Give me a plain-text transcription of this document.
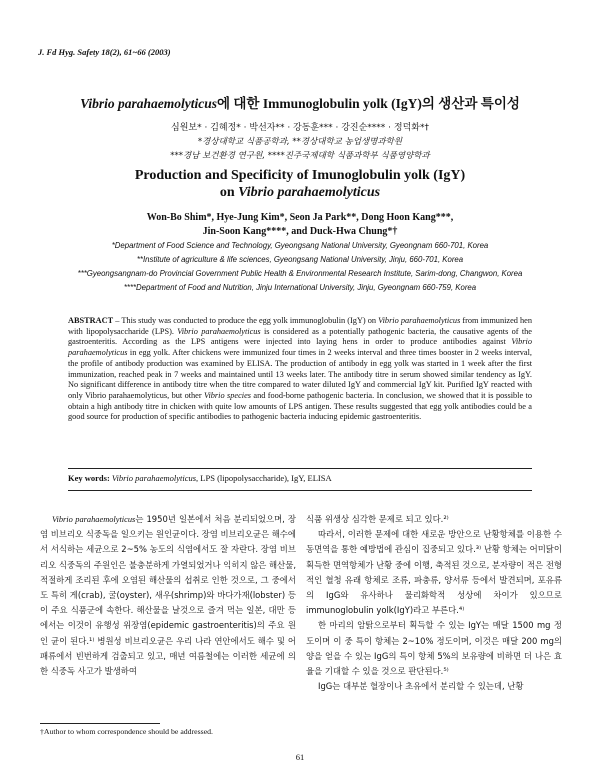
J. Fd Hyg. Safety 18(2), 61~66 (2003)
Vibrio parahaemolyticus에 대한 Immunoglobulin yolk (IgY)의 생산과 특이성
심원보* · 김혜정* · 박선자** · 강동훈*** · 강진순**** · 정덕화*†
*경상대학교 식품공학과, **경상대학교 농업생명과학원
***경남 보건환경 연구원, ****진주국제대학 식품과학부 식품영양학과
Production and Specificity of Imunoglobulin yolk (IgY)
on Vibrio parahaemolyticus
Won-Bo Shim*, Hye-Jung Kim*, Seon Ja Park**, Dong Hoon Kang***,
Jin-Soon Kang****, and Duck-Hwa Chung*†
*Department of Food Science and Technology, Gyeongsang National University, Gyeongnam 660-701, Korea
**Institute of agriculture & life sciences, Gyeongsang National University, Jinju, 660-701, Korea
***Gyeongsangnam-do Provincial Government Public Health & Environmental Research Institute, Sarim-dong, Changwon, Korea
****Department of Food and Nutrition, Jinju International University, Jinju, Gyeongnam 660-759, Korea
ABSTRACT – This study was conducted to produce the egg yolk immunoglobulin (IgY) on Vibrio parahaemolyticus from immunized hen with lipopolysaccharide (LPS). Vibrio parahaemolyticus is considered as a potentially pathogenic bacteria, the causative agents of the gastroenteritis. According as the LPS antigens were injected into laying hens in order to produce antibodies against Vibrio parahaemolyticus in egg yolk. After chickens were immunized four times in 2 weeks interval and three times booster in 2 weeks interval, the profile of antibody production was examined by ELISA. The production of antibody in egg yolk was started in 1 week after the first immunization, reached peak in 7 weeks and maintained until 13 weeks later. The antibody titre in serum showed similar tendency as IgY. No significant difference in antibody titre when the titre compared to water diluted IgY and commercial IgY kit. Purified IgY reacted with only Vibrio parahaemolyticus, but other Vibrio species and food-borne pathogenic bacteria. In conclusion, we showed that it is possible to obtain a high antibody titre in chicken with quite low amounts of LPS antigen. These results suggested that egg yolk antibodies could be a good source for production of specific antibodies to pathogenic bacteria inducing epidemic gastroenteritis.
Key words: Vibrio parahaemolyticus, LPS (lipopolysaccharide), IgY, ELISA

Vibrio parahaemolyticus는 1950년 일본에서 처음 분리되었으며, 장염 비브리오 식중독을 일으키는 원인균이다. 장염 비브리오균은 해수에서 서식하는 세균으로 2~5% 농도의 식염에서도 잘 자란다. 장염 비브리오 식중독의 주원인은 불충분하게 가열되었거나 익히지 않은 해산물, 적절하게 조리된 후에 오염된 해산물의 섭취로 인한 것으로, 그 중에서도 특히 게(crab), 굴(oyster), 새우(shrimp)와 바다가재(lobster) 등이 주요 식품군에 속한다. 해산물을 날것으로 즐겨 먹는 일본, 대만 등에서는 이것이 유행성 위장염(epidemic gastroenteritis)의 주요 원인 균이 된다.¹⁾ 병원성 비브리오균은 우리 나라 연안에서도 해수 및 어패류에서 빈번하게 검출되고 있고, 매년 여름철에는 이러한 세균에 의한 식중독 사고가 발생하여

식품 위생상 심각한 문제로 되고 있다.²⁾

따라서, 이러한 문제에 대한 새로운 방안으로 난황항체를 이용한 수동면역을 통한 예방법에 관심이 집중되고 있다.³⁾ 난황 항체는 어미닭이 획득한 면역항체가 난황 중에 이행, 축적된 것으로, 분자량이 적은 전형적인 혈청 유래 항체로 조류, 파충류, 양서류 등에서 발견되며, 포유류의 IgG와 유사하나 물리화학적 성상에 차이가 있으므로 immunoglobulin yolk(IgY)라고 부른다.⁴⁾

한 마리의 암탉으로부터 획득할 수 있는 IgY는 매달 1500 mg 정도이며 이 중 특이 항체는 2~10% 정도이며, 이것은 매달 200 mg의 양을 얻을 수 있는 IgG의 특이 항체 5%의 보유량에 비하면 더 나은 효율을 기대할 수 있을 것으로 판단된다.⁵⁾

IgG는 대부분 혈장이나 초유에서 분리할 수 있는데, 난황

†Author to whom correspondence should be addressed.
61
